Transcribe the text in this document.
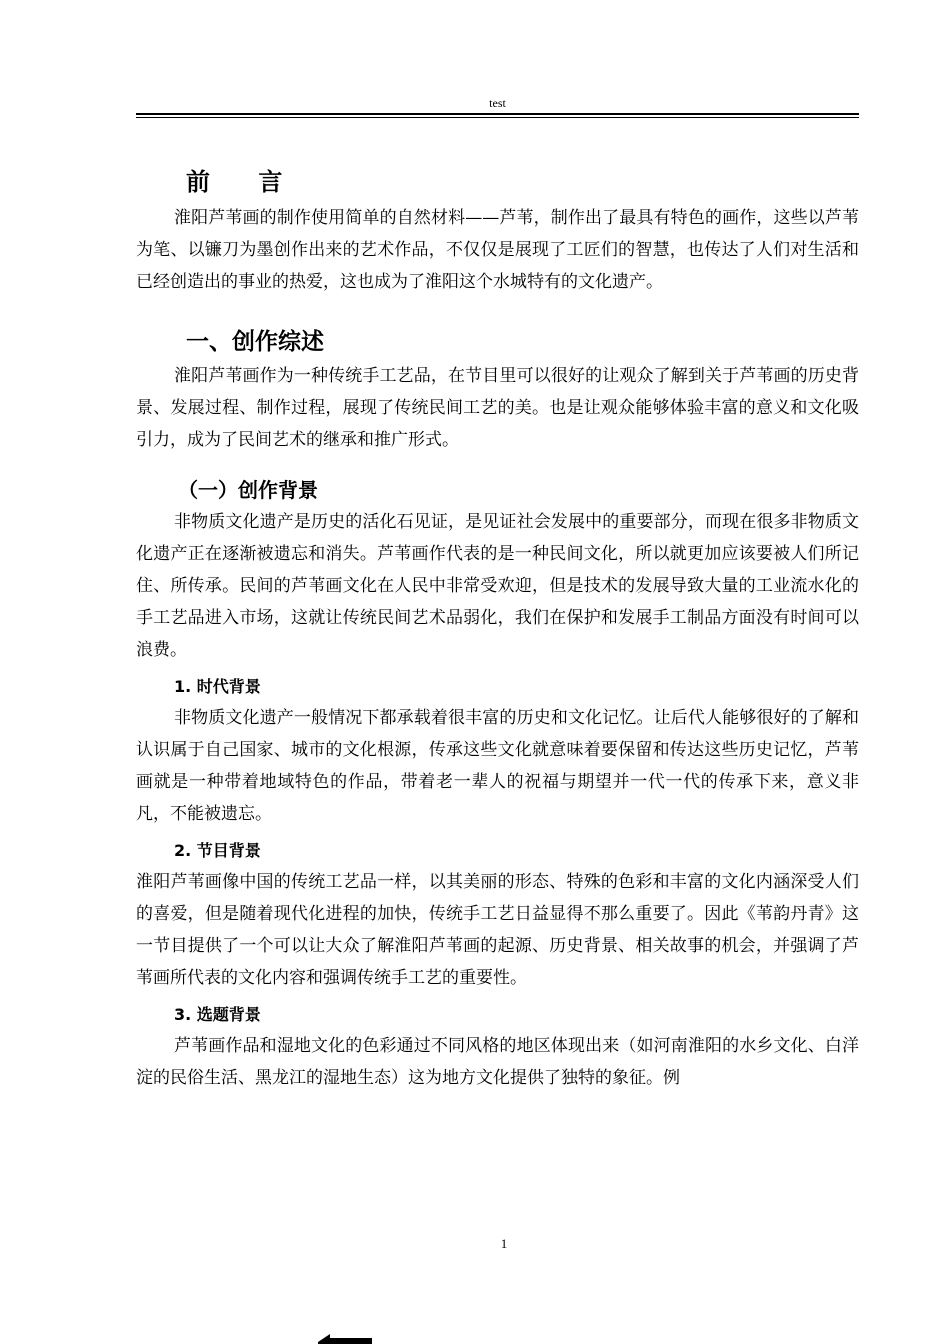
test
前 言

淮阳芦苇画的制作使用简单的自然材料——芦苇，制作出了最具有特色的画作，这些以芦苇为笔、以镰刀为墨创作出来的艺术作品，不仅仅是展现了工匠们的智慧，也传达了人们对生活和已经创造出的事业的热爱，这也成为了淮阳这个水城特有的文化遗产。

一、创作综述

淮阳芦苇画作为一种传统手工艺品，在节目里可以很好的让观众了解到关于芦苇画的历史背景、发展过程、制作过程，展现了传统民间工艺的美。也是让观众能够体验丰富的意义和文化吸引力，成为了民间艺术的继承和推广形式。

（一）创作背景

非物质文化遗产是历史的活化石见证，是见证社会发展中的重要部分，而现在很多非物质文化遗产正在逐渐被遗忘和消失。芦苇画作代表的是一种民间文化，所以就更加应该要被人们所记住、所传承。民间的芦苇画文化在人民中非常受欢迎，但是技术的发展导致大量的工业流水化的手工艺品进入市场，这就让传统民间艺术品弱化，我们在保护和发展手工制品方面没有时间可以浪费。

1. 时代背景

非物质文化遗产一般情况下都承载着很丰富的历史和文化记忆。让后代人能够很好的了解和认识属于自己国家、城市的文化根源，传承这些文化就意味着要保留和传达这些历史记忆，芦苇画就是一种带着地域特色的作品，带着老一辈人的祝福与期望并一代一代的传承下来，意义非凡，不能被遗忘。

2. 节目背景

淮阳芦苇画像中国的传统工艺品一样，以其美丽的形态、特殊的色彩和丰富的文化内涵深受人们的喜爱，但是随着现代化进程的加快，传统手工艺日益显得不那么重要了。因此《苇韵丹青》这一节目提供了一个可以让大众了解淮阳芦苇画的起源、历史背景、相关故事的机会，并强调了芦苇画所代表的文化内容和强调传统手工艺的重要性。

3. 选题背景

芦苇画作品和湿地文化的色彩通过不同风格的地区体现出来（如河南淮阳的水乡文化、白洋淀的民俗生活、黑龙江的湿地生态）这为地方文化提供了独特的象征。例

1
